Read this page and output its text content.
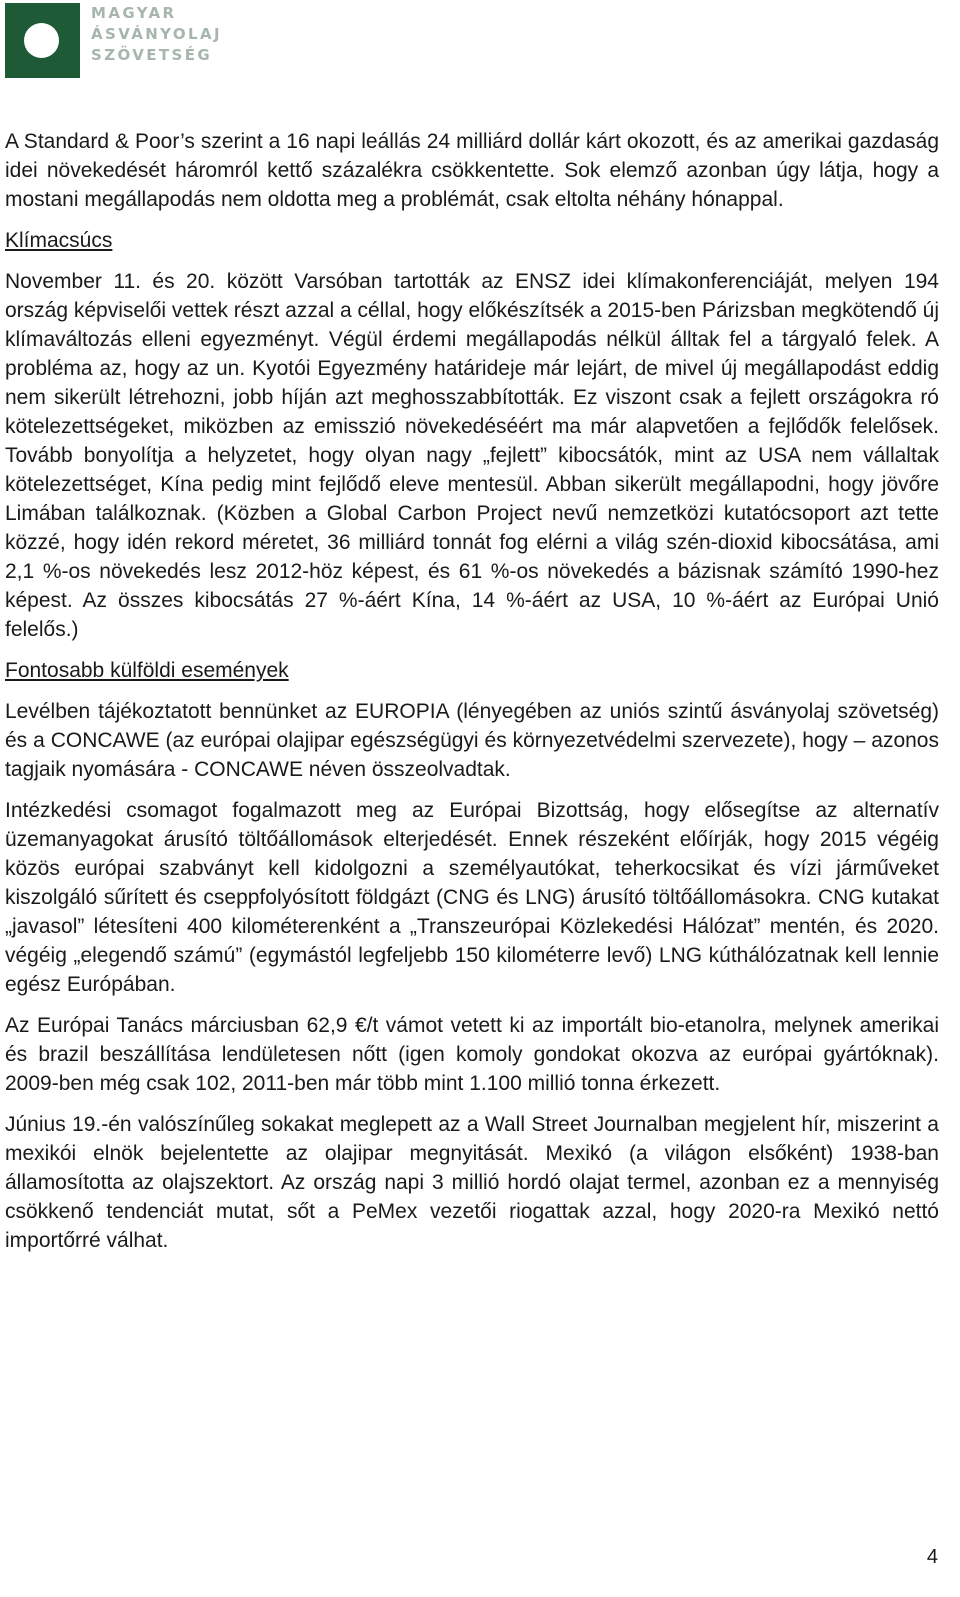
MAGYAR
ÁSVÁNYOLAJ
SZÖVETSÉG

A Standard & Poor’s szerint a 16 napi leállás 24 milliárd dollár kárt okozott, és az amerikai gazdaság idei növekedését háromról kettő százalékra csökkentette. Sok elemző azonban úgy látja, hogy a mostani megállapodás nem oldotta meg a problémát, csak eltolta néhány hónappal.

Klímacsúcs

November 11. és 20. között Varsóban tartották az ENSZ idei klímakonferenciáját, melyen 194 ország képviselői vettek részt azzal a céllal, hogy előkészítsék a 2015-ben Párizsban megkötendő új klímaváltozás elleni egyezményt. Végül érdemi megállapodás nélkül álltak fel a tárgyaló felek. A probléma az, hogy az un. Kyotói Egyezmény határideje már lejárt, de mivel új megállapodást eddig nem sikerült létrehozni, jobb híján azt meghosszabbították. Ez viszont csak a fejlett országokra ró kötelezettségeket, miközben az emisszió növekedéséért ma már alapvetően a fejlődők felelősek. Tovább bonyolítja a helyzetet, hogy olyan nagy „fejlett” kibocsátók, mint az USA nem vállaltak kötelezettséget, Kína pedig mint fejlődő eleve mentesül. Abban sikerült megállapodni, hogy jövőre Limában találkoznak. (Közben a Global Carbon Project nevű nemzetközi kutatócsoport azt tette közzé, hogy idén rekord méretet, 36 milliárd tonnát fog elérni a világ szén-dioxid kibocsátása, ami 2,1 %-os növekedés lesz 2012-höz képest, és 61 %-os növekedés a bázisnak számító 1990-hez képest. Az összes kibocsátás 27 %-áért Kína, 14 %-áért az USA, 10 %-áért az Európai Unió felelős.)

Fontosabb külföldi események

Levélben tájékoztatott bennünket az EUROPIA (lényegében az uniós szintű ásványolaj szövetség) és a CONCAWE (az európai olajipar egészségügyi és környezetvédelmi szervezete), hogy – azonos tagjaik nyomására - CONCAWE néven összeolvadtak.

Intézkedési csomagot fogalmazott meg az Európai Bizottság, hogy elősegítse az alternatív üzemanyagokat árusító töltőállomások elterjedését. Ennek részeként előírják, hogy 2015 végéig közös európai szabványt kell kidolgozni a személyautókat, teherkocsikat és vízi járműveket kiszolgáló sűrített és cseppfolyósított földgázt (CNG és LNG) árusító töltőállomásokra. CNG kutakat „javasol” létesíteni 400 kilométerenként a „Transzeurópai Közlekedési Hálózat” mentén, és 2020. végéig „elegendő számú” (egymástól legfeljebb 150 kilométerre levő) LNG kúthálózatnak kell lennie egész Európában.

Az Európai Tanács márciusban 62,9 €/t vámot vetett ki az importált bio-etanolra, melynek amerikai és brazil beszállítása lendületesen nőtt (igen komoly gondokat okozva az európai gyártóknak). 2009-ben még csak 102, 2011-ben már több mint 1.100 millió tonna érkezett.

Június 19.-én valószínűleg sokakat meglepett az a Wall Street Journalban megjelent hír, miszerint a mexikói elnök bejelentette az olajipar megnyitását. Mexikó (a világon elsőként) 1938-ban államosította az olajszektort. Az ország napi 3 millió hordó olajat termel, azonban ez a mennyiség csökkenő tendenciát mutat, sőt a PeMex vezetői riogattak azzal, hogy 2020-ra Mexikó nettó importőrré válhat.

4
